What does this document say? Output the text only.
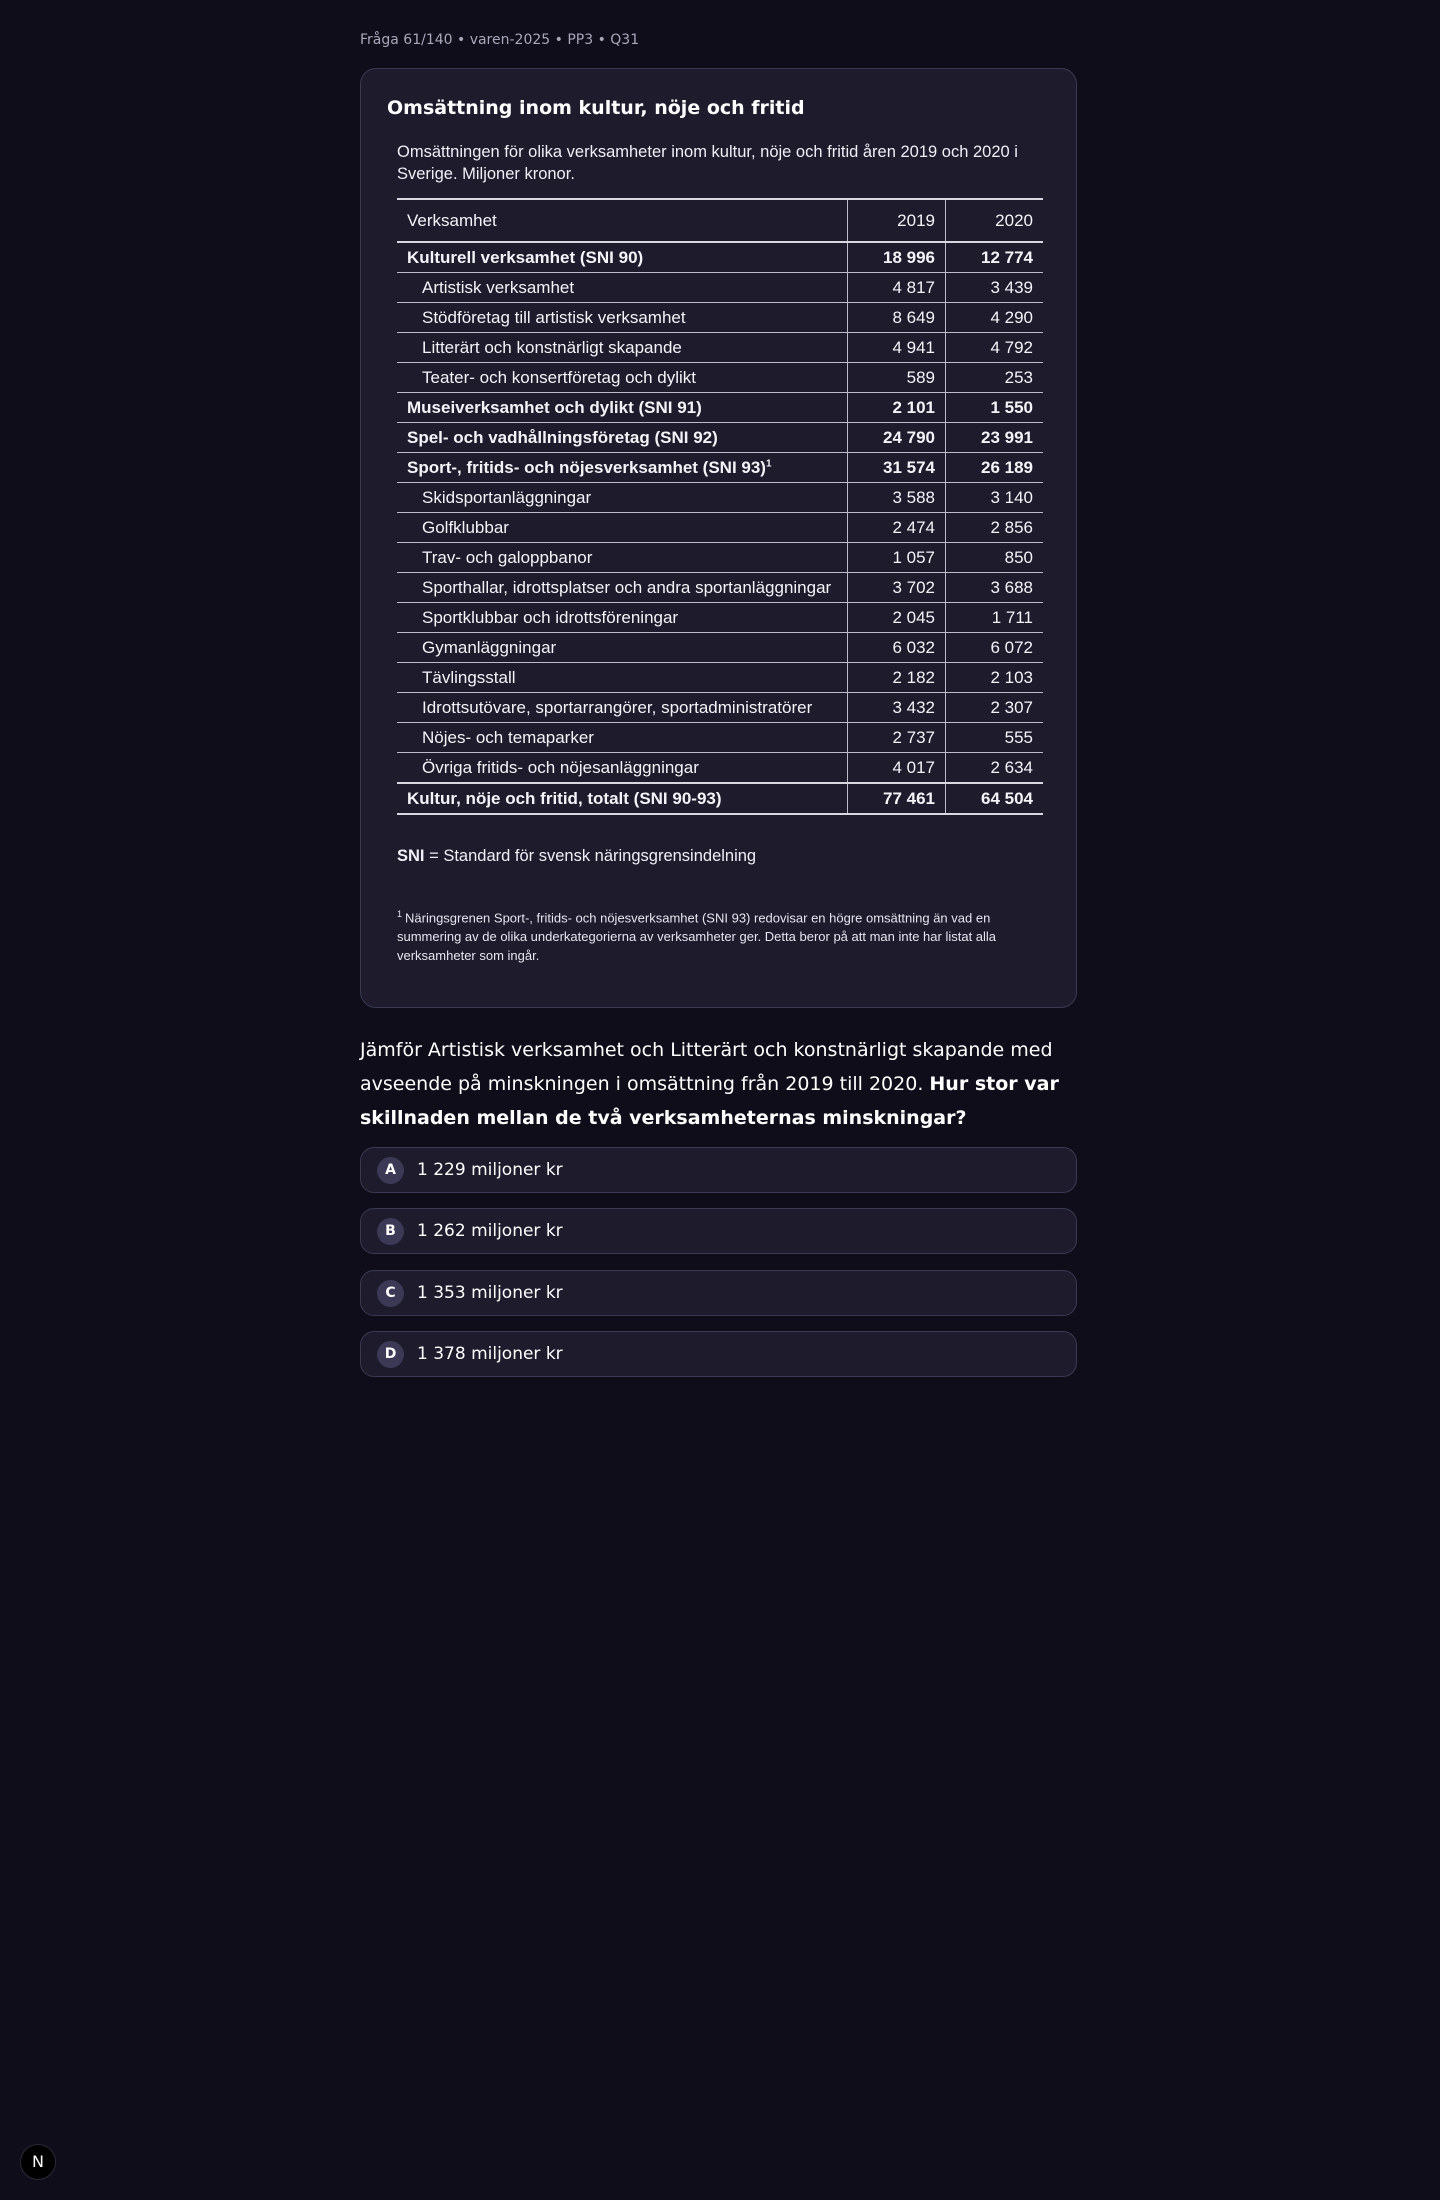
Fråga 61/140 • varen-2025 • PP3 • Q31
Omsättning inom kultur, nöje och fritid
Omsättningen för olika verksamheter inom kultur, nöje och fritid åren 2019 och 2020 i Sverige. Miljoner kronor.
Verksamhet	2019	2020
Kulturell verksamhet (SNI 90)	18 996	12 774
Artistisk verksamhet	4 817	3 439
Stödföretag till artistisk verksamhet	8 649	4 290
Litterärt och konstnärligt skapande	4 941	4 792
Teater- och konsertföretag och dylikt	589	253
Museiverksamhet och dylikt (SNI 91)	2 101	1 550
Spel- och vadhållningsföretag (SNI 92)	24 790	23 991
Sport-, fritids- och nöjesverksamhet (SNI 93)$^1$	31 574	26 189
Skidsportanläggningar	3 588	3 140
Golfklubbar	2 474	2 856
Trav- och galoppbanor	1 057	850
Sporthallar, idrottsplatser och andra sportanläggningar	3 702	3 688
Sportklubbar och idrottsföreningar	2 045	1 711
Gymanläggningar	6 032	6 072
Tävlingsstall	2 182	2 103
Idrottsutövare, sportarrangörer, sportadministratörer	3 432	2 307
Nöjes- och temaparker	2 737	555
Övriga fritids- och nöjesanläggningar	4 017	2 634
Kultur, nöje och fritid, totalt (SNI 90-93)	77 461	64 504
SNI = Standard för svensk näringsgrensindelning
$^1$ Näringsgrenen Sport-, fritids- och nöjesverksamhet (SNI 93) redovisar en högre omsättning än vad en summering av de olika underkategorierna av verksamheter ger. Detta beror på att man inte har listat alla verksamheter som ingår.
Jämför Artistisk verksamhet och Litterärt och konstnärligt skapande med avseende på minskningen i omsättning från 2019 till 2020. Hur stor var skillnaden mellan de två verksamheternas minskningar?
A	1 229 miljoner kr
B	1 262 miljoner kr
C	1 353 miljoner kr
D	1 378 miljoner kr
N
